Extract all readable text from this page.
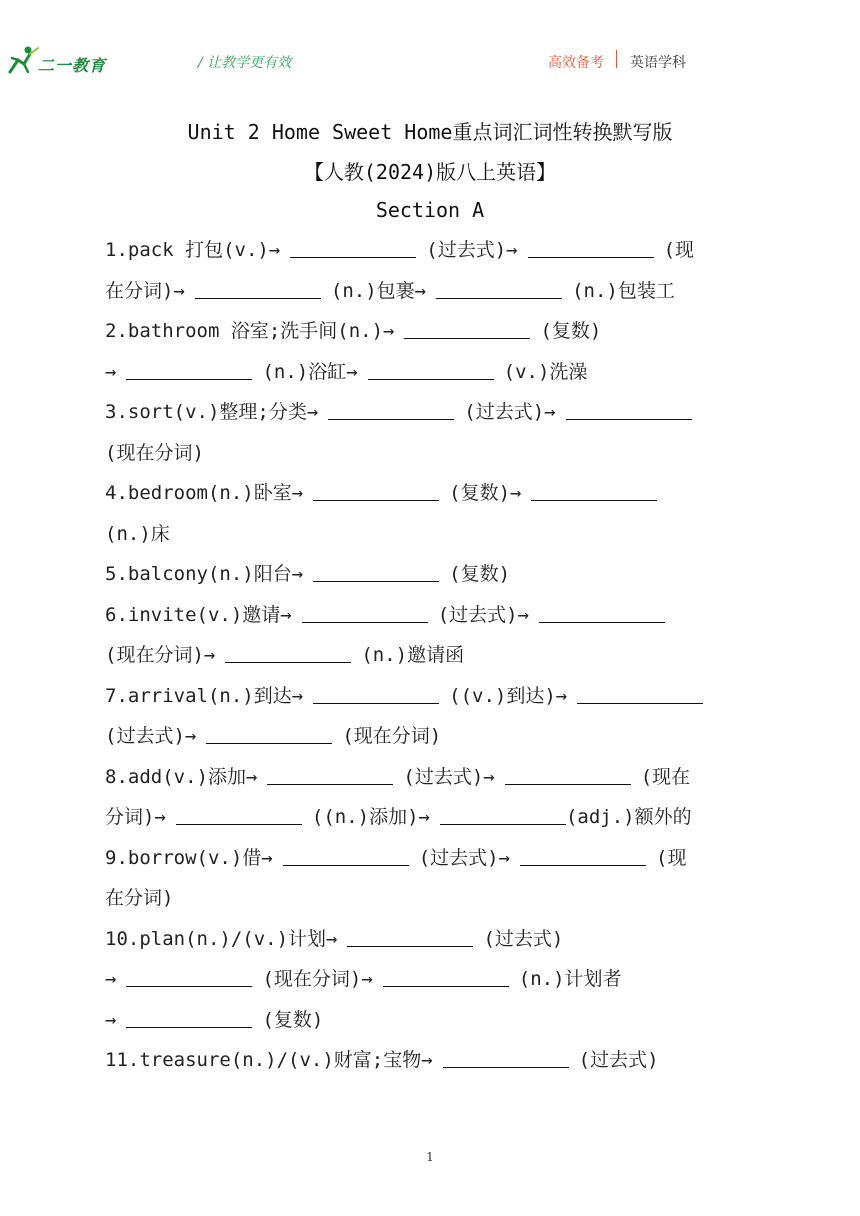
二一教育	/ 让教学更有效	高效备考 英语学科
Unit 2 Home Sweet Home重点词汇词性转换默写版
【人教(2024)版八上英语】
Section A
1.pack 打包(v.)→	(过去式)→	(现
在分词)→	(n.)包裹→	(n.)包装工
2.bathroom 浴室;洗手间(n.)→	(复数)
→	(n.)浴缸→	(v.)洗澡
3.sort(v.)整理;分类→	(过去式)→
(现在分词)
4.bedroom(n.)卧室→	(复数)→
(n.)床
5.balcony(n.)阳台→	(复数)
6.invite(v.)邀请→	(过去式)→
(现在分词)→	(n.)邀请函
7.arrival(n.)到达→	((v.)到达)→
(过去式)→	(现在分词)
8.add(v.)添加→	(过去式)→	(现在
分词)→	((n.)添加)→	(adj.)额外的
9.borrow(v.)借→	(过去式)→	(现
在分词)
10.plan(n.)/(v.)计划→	(过去式)
→	(现在分词)→	(n.)计划者
→	(复数)
11.treasure(n.)/(v.)财富;宝物→	(过去式)
1
